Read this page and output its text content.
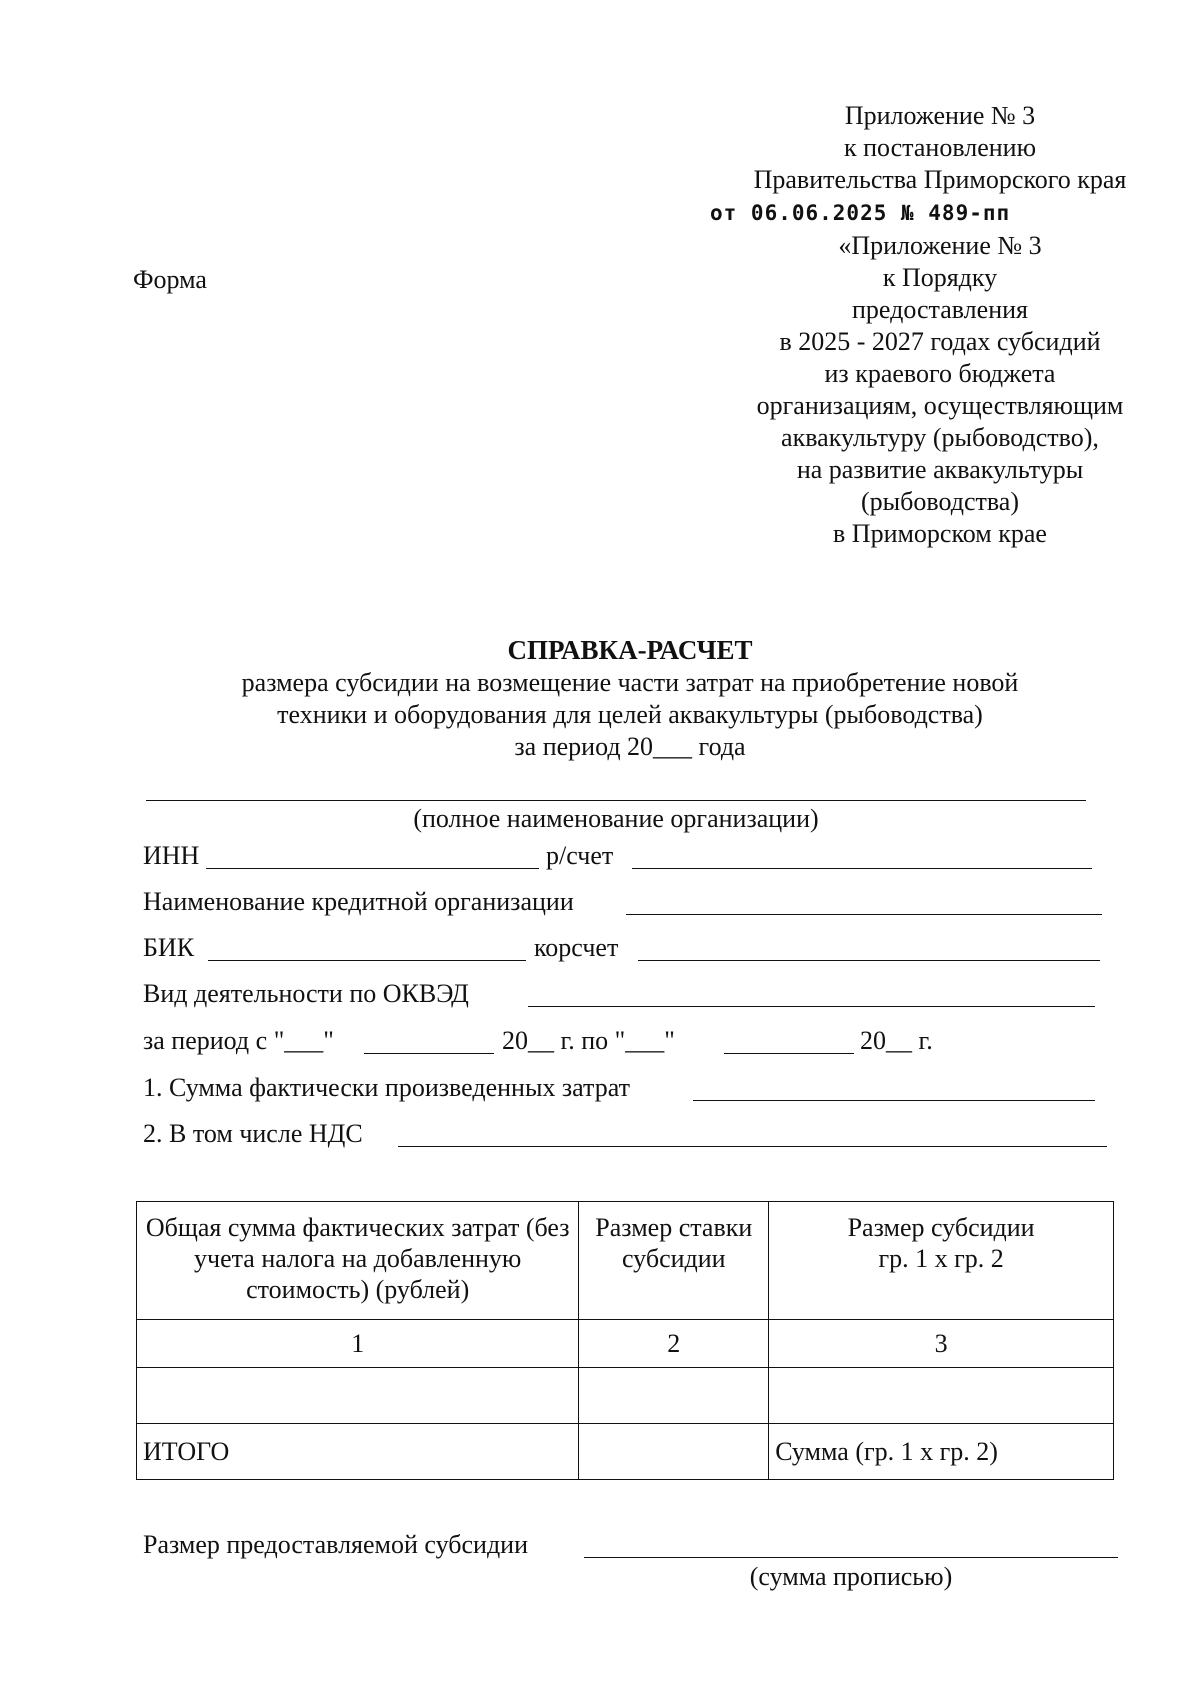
Приложение № 3
к постановлению
Правительства Приморского края
от 06.06.2025 № 489-пп
«Приложение № 3
к Порядку
предоставления
в 2025 - 2027 годах субсидий
из краевого бюджета
организациям, осуществляющим
аквакультуру (рыбоводство),
на развитие аквакультуры
(рыбоводства)
в Приморском крае
Форма
СПРАВКА-РАСЧЕТ
размера субсидии на возмещение части затрат на приобретение новой
техники и оборудования для целей аквакультуры (рыбоводства)
за период 20___ года
(полное наименование организации)
ИНН	р/счет
Наименование кредитной организации
БИК	корсчет
Вид деятельности по ОКВЭД
за период с "___"	20__ г. по "___"	20__ г.
1. Сумма фактически произведенных затрат
2. В том числе НДС
Общая сумма фактических затрат (без учета налога на добавленную стоимость) (рублей)	Размер ставки субсидии	Размер субсидии гр. 1 х гр. 2
1	2	3

ИТОГО		Сумма (гр. 1 х гр. 2)
Размер предоставляемой субсидии
(сумма прописью)
